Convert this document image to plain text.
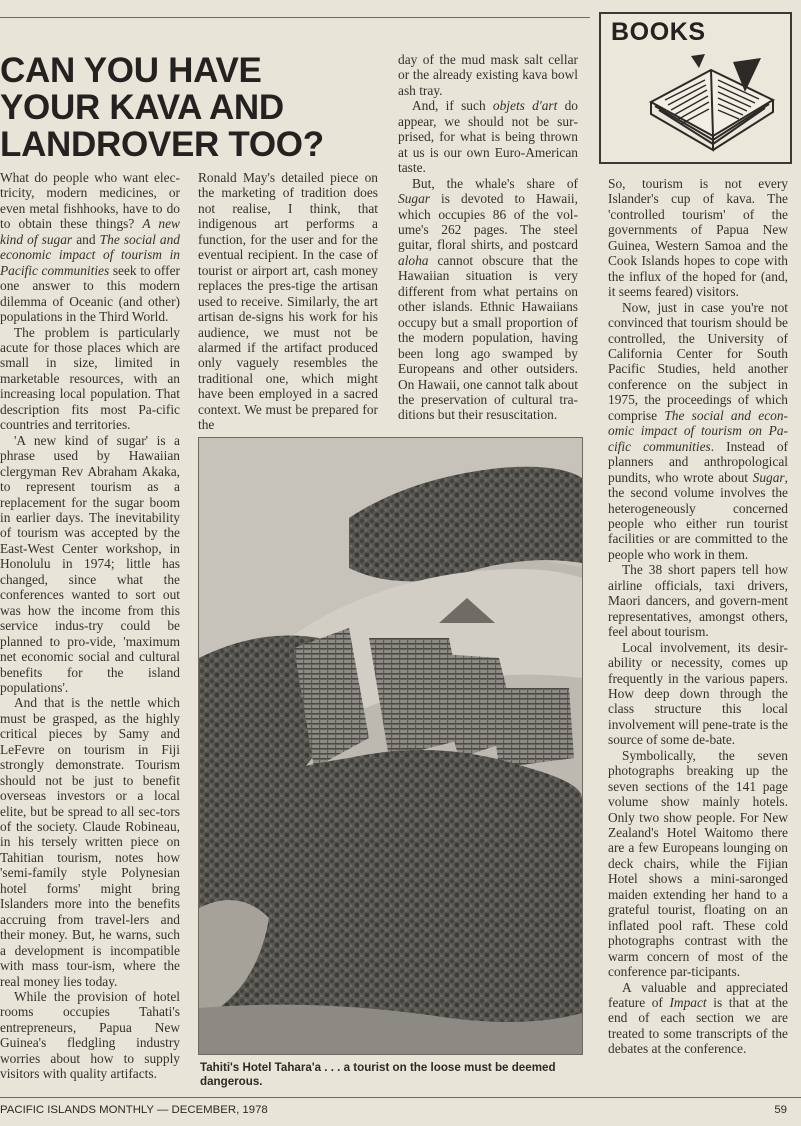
CAN YOU HAVE
YOUR KAVA AND
LANDROVER TOO?

What do people who want electricity, modern medicines, or even metal fishhooks, have to do to obtain these things? A new kind of sugar and The social and economic impact of tourism in Pacific communities seek to offer one answer to this modern dilemma of Oceanic (and other) populations in the Third World.

The problem is particularly acute for those places which are small in size, limited in marketable resources, with an increasing local population. That description fits most Pa-cific countries and territories.

'A new kind of sugar' is a phrase used by Hawaiian clergyman Rev Abraham Akaka, to represent tourism as a replacement for the sugar boom in earlier days. The inevitability of tourism was accepted by the East-West Center workshop, in Honolulu in 1974; little has changed, since what the conferences wanted to sort out was how the income from this service indus-try could be planned to pro-vide, 'maximum net economic social and cultural benefits for the island populations'.

And that is the nettle which must be grasped, as the highly critical pieces by Samy and LeFevre on tourism in Fiji strongly demonstrate. Tourism should not be just to benefit overseas investors or a local elite, but be spread to all sec-tors of the society. Claude Robineau, in his tersely written piece on Tahitian tourism, notes how 'semi-family style Polynesian hotel forms' might bring Islanders more into the benefits accruing from travel-lers and their money. But, he warns, such a development is incompatible with mass tour-ism, where the real money lies today.

While the provision of hotel rooms occupies Tahati's entrepreneurs, Papua New Guinea's fledgling industry worries about how to supply visitors with quality artifacts.

Ronald May's detailed piece on the marketing of tradition does not realise, I think, that indigenous art performs a function, for the user and for the eventual recipient. In the case of tourist or airport art, cash money replaces the pres-tige the artisan used to receive. Similarly, the art artisan de-signs his work for his audience, we must not be alarmed if the artifact produced only vaguely resembles the traditional one, which might have been employed in a sacred context. We must be prepared for the

day of the mud mask salt cellar or the already existing kava bowl ash tray.

And, if such objets d'art do appear, we should not be surprised, for what is being thrown at us is our own Euro-American taste.

But, the whale's share of Sugar is devoted to Hawaii, which occupies 86 of the volume's 262 pages. The steel guitar, floral shirts, and postcard aloha cannot obscure that the Hawaiian situation is very different from what pertains on other islands. Ethnic Hawaiians occupy but a small proportion of the modern population, having been long ago swamped by Europeans and other outsiders. On Hawaii, one cannot talk about the preservation of cultural traditions but their resuscitation.

BOOKS

So, tourism is not every Islander's cup of kava. The 'controlled tourism' of the governments of Papua New Guinea, Western Samoa and the Cook Islands hopes to cope with the influx of the hoped for (and, it seems feared) visitors.

Now, just in case you're not convinced that tourism should be controlled, the University of California Center for South Pacific Studies, held another conference on the subject in 1975, the proceedings of which comprise The social and economic impact of tourism on Pacific communities. Instead of planners and anthropological pundits, who wrote about Sugar, the second volume involves the heterogeneously concerned people who either run tourist facilities or are committed to the people who work in them.

The 38 short papers tell how airline officials, taxi drivers, Maori dancers, and govern-ment representatives, amongst others, feel about tourism.

Local involvement, its desir-ability or necessity, comes up frequently in the various papers. How deep down through the class structure this local involvement will pene-trate is the source of some de-bate.

Symbolically, the seven photographs breaking up the seven sections of the 141 page volume show mainly hotels. Only two show people. For New Zealand's Hotel Waitomo there are a few Europeans lounging on deck chairs, while the Fijian Hotel shows a mini-saronged maiden extending her hand to a grateful tourist, floating on an inflated pool raft. These cold photographs contrast with the warm concern of most of the conference par-ticipants.

A valuable and appreciated feature of Impact is that at the end of each section we are treated to some transcripts of the debates at the conference.

Tahiti's Hotel Tahara'a . . . a tourist on the loose must be deemed dangerous.

PACIFIC ISLANDS MONTHLY — DECEMBER, 1978	59
